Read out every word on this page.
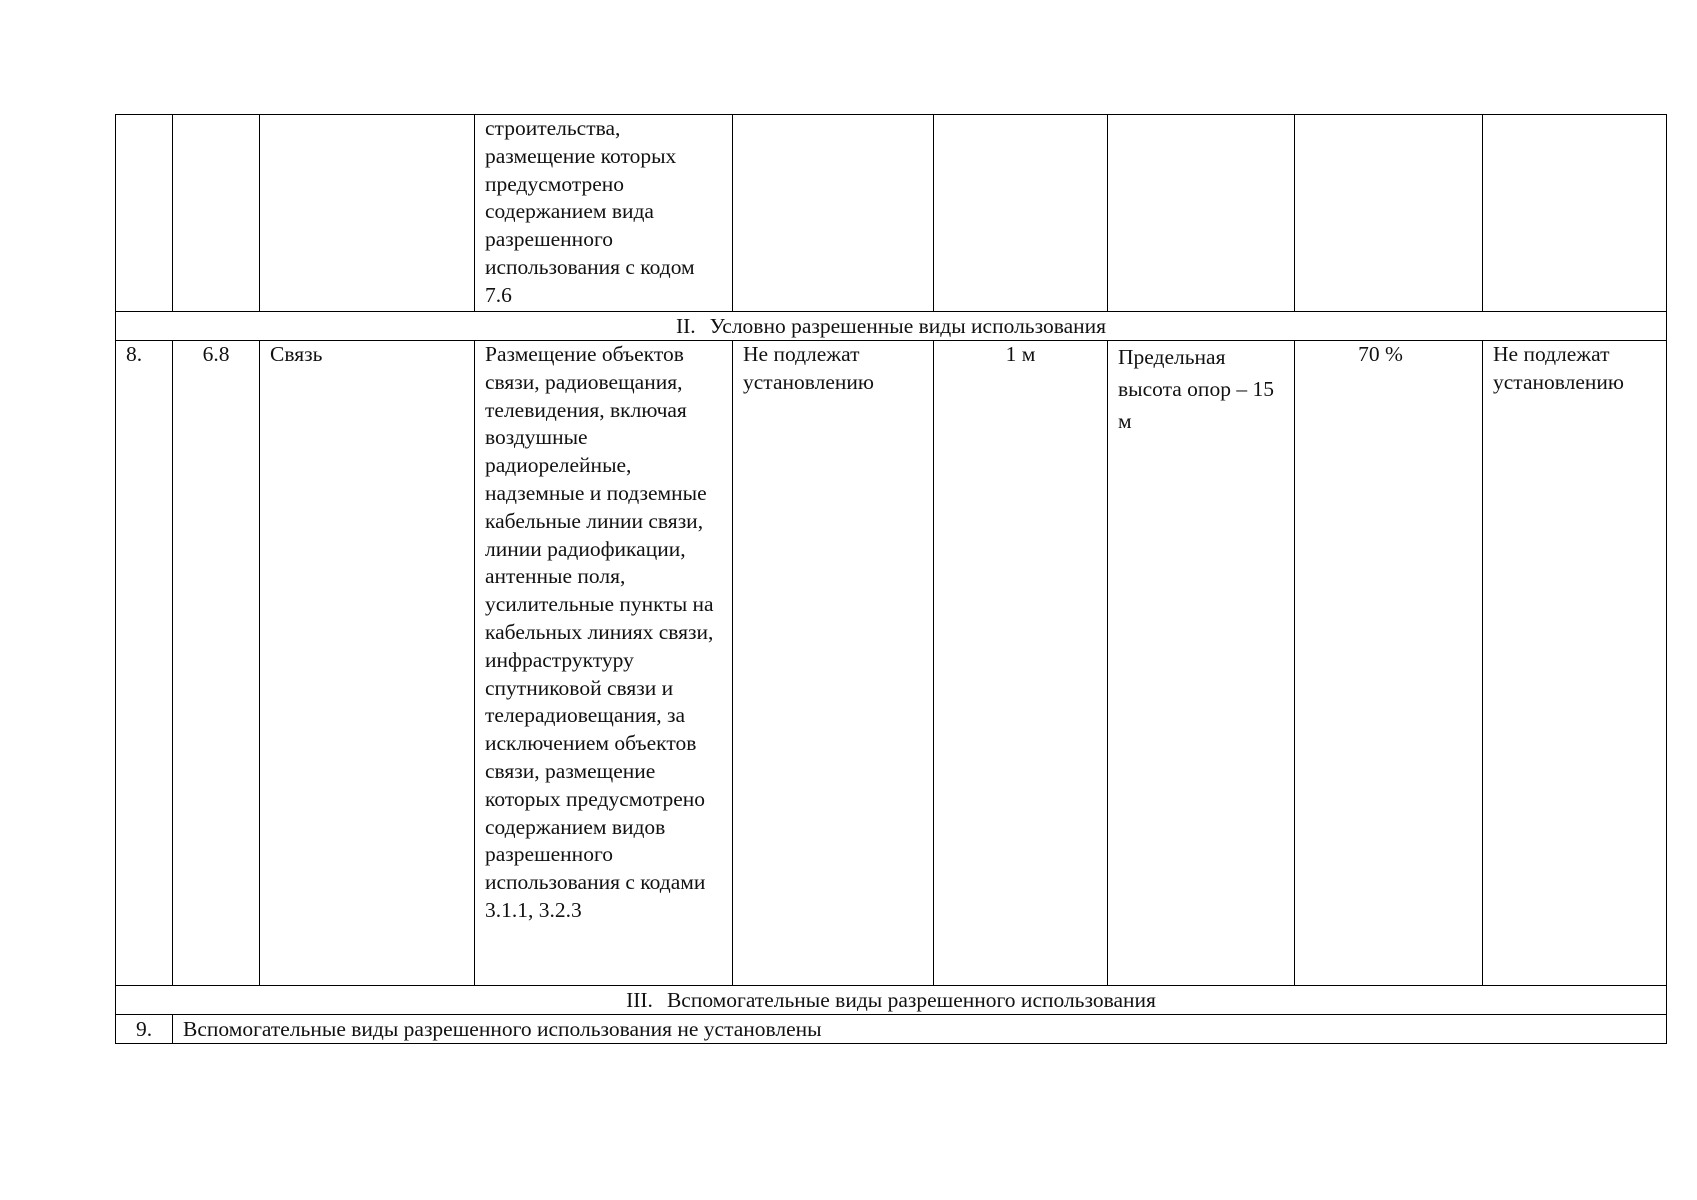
			строительства, размещение которых предусмотрено содержанием вида разрешенного использования с кодом 7.6					
II. Условно разрешенные виды использования								
8.	6.8	Связь	Размещение объектов связи, радиовещания, телевидения, включая воздушные радиорелейные, надземные и подземные кабельные линии связи, линии радиофикации, антенные поля, усилительные пункты на кабельных линиях связи, инфраструктуру спутниковой связи и телерадиовещания, за исключением объектов связи, размещение которых предусмотрено содержанием видов разрешенного использования с кодами 3.1.1, 3.2.3	Не подлежат установлению	1 м	Предельная высота опор – 15 м	70 %	Не подлежат установлению
III. Вспомогательные виды разрешенного использования								
9.	Вспомогательные виды разрешенного использования не установлены							
